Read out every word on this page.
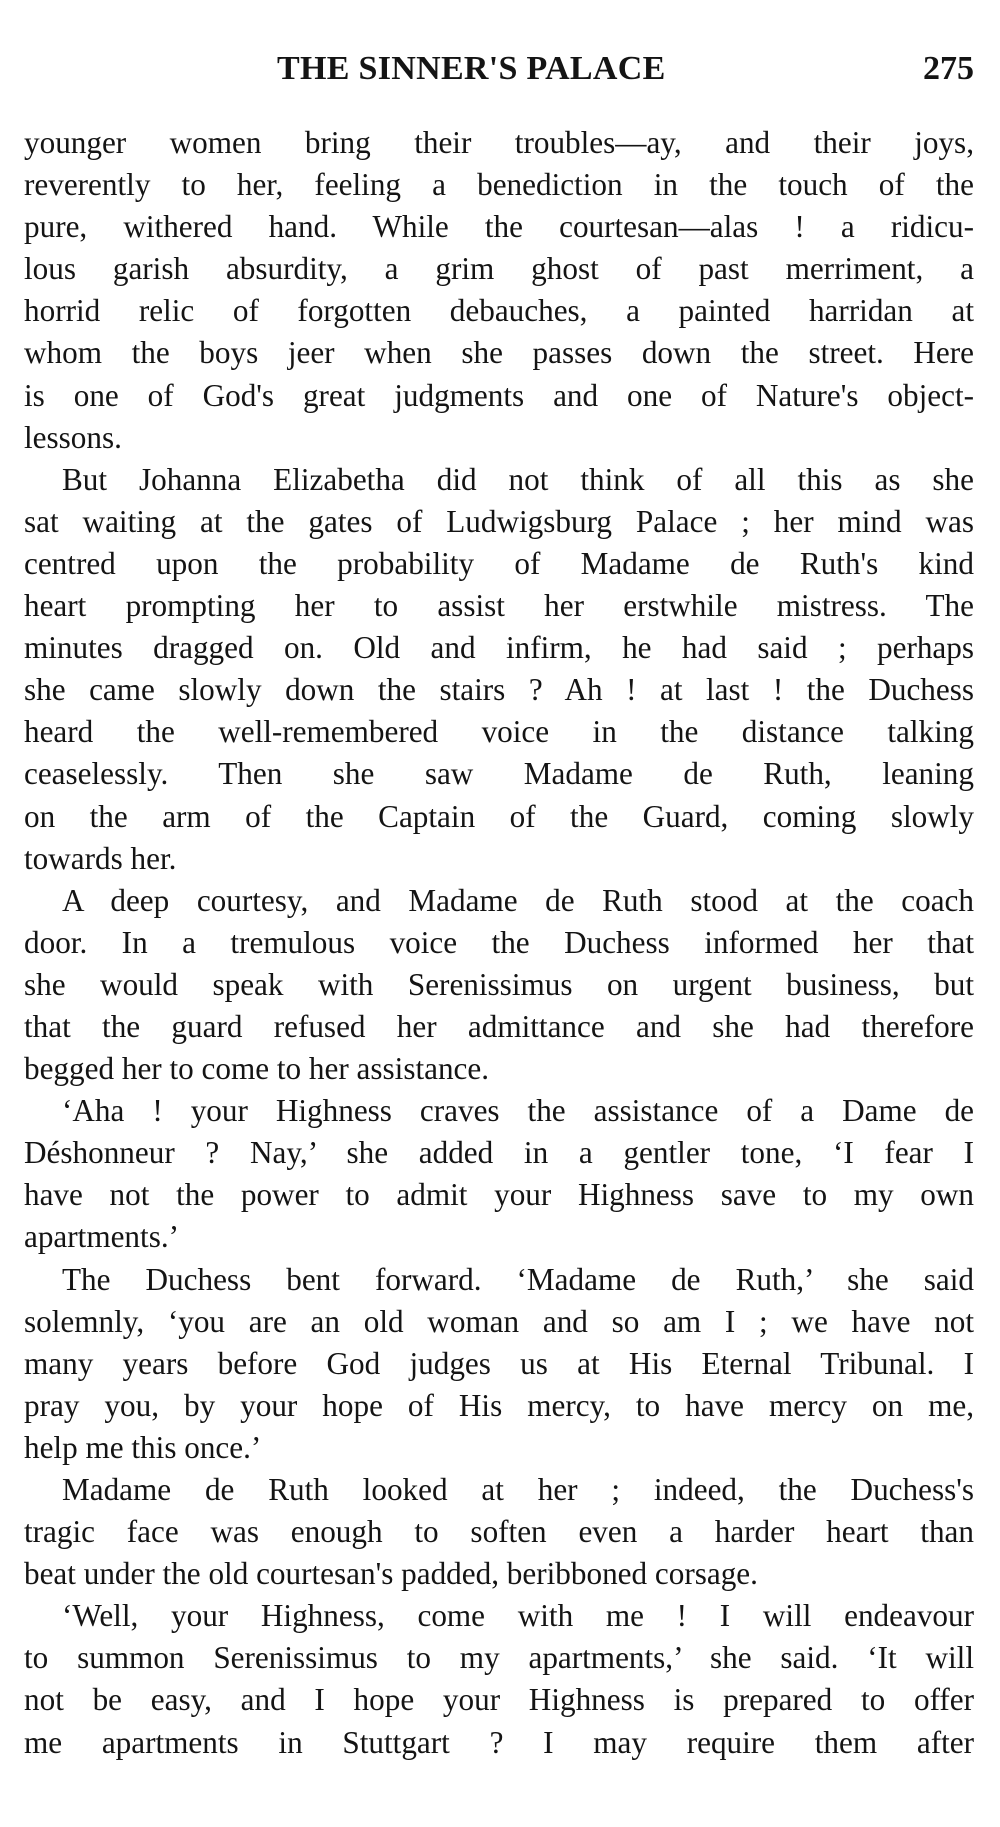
THE SINNER'S PALACE	275

younger women bring their troubles—ay, and their joys,
reverently to her, feeling a benediction in the touch of the
pure, withered hand. While the courtesan—alas ! a ridicu-
lous garish absurdity, a grim ghost of past merriment, a
horrid relic of forgotten debauches, a painted harridan at
whom the boys jeer when she passes down the street. Here
is one of God's great judgments and one of Nature's object-
lessons.

But Johanna Elizabetha did not think of all this as she
sat waiting at the gates of Ludwigsburg Palace ; her mind was
centred upon the probability of Madame de Ruth's kind
heart prompting her to assist her erstwhile mistress. The
minutes dragged on. Old and infirm, he had said ; perhaps
she came slowly down the stairs ? Ah ! at last ! the Duchess
heard the well-remembered voice in the distance talking
ceaselessly. Then she saw Madame de Ruth, leaning
on the arm of the Captain of the Guard, coming slowly
towards her.

A deep courtesy, and Madame de Ruth stood at the coach
door. In a tremulous voice the Duchess informed her that
she would speak with Serenissimus on urgent business, but
that the guard refused her admittance and she had therefore
begged her to come to her assistance.

‘Aha ! your Highness craves the assistance of a Dame de
Déshonneur ? Nay,’ she added in a gentler tone, ‘I fear I
have not the power to admit your Highness save to my own
apartments.’

The Duchess bent forward. ‘Madame de Ruth,’ she said
solemnly, ‘you are an old woman and so am I ; we have not
many years before God judges us at His Eternal Tribunal. I
pray you, by your hope of His mercy, to have mercy on me,
help me this once.’

Madame de Ruth looked at her ; indeed, the Duchess's
tragic face was enough to soften even a harder heart than
beat under the old courtesan's padded, beribboned corsage.

‘Well, your Highness, come with me ! I will endeavour
to summon Serenissimus to my apartments,’ she said. ‘It will
not be easy, and I hope your Highness is prepared to offer
me apartments in Stuttgart ? I may require them after
